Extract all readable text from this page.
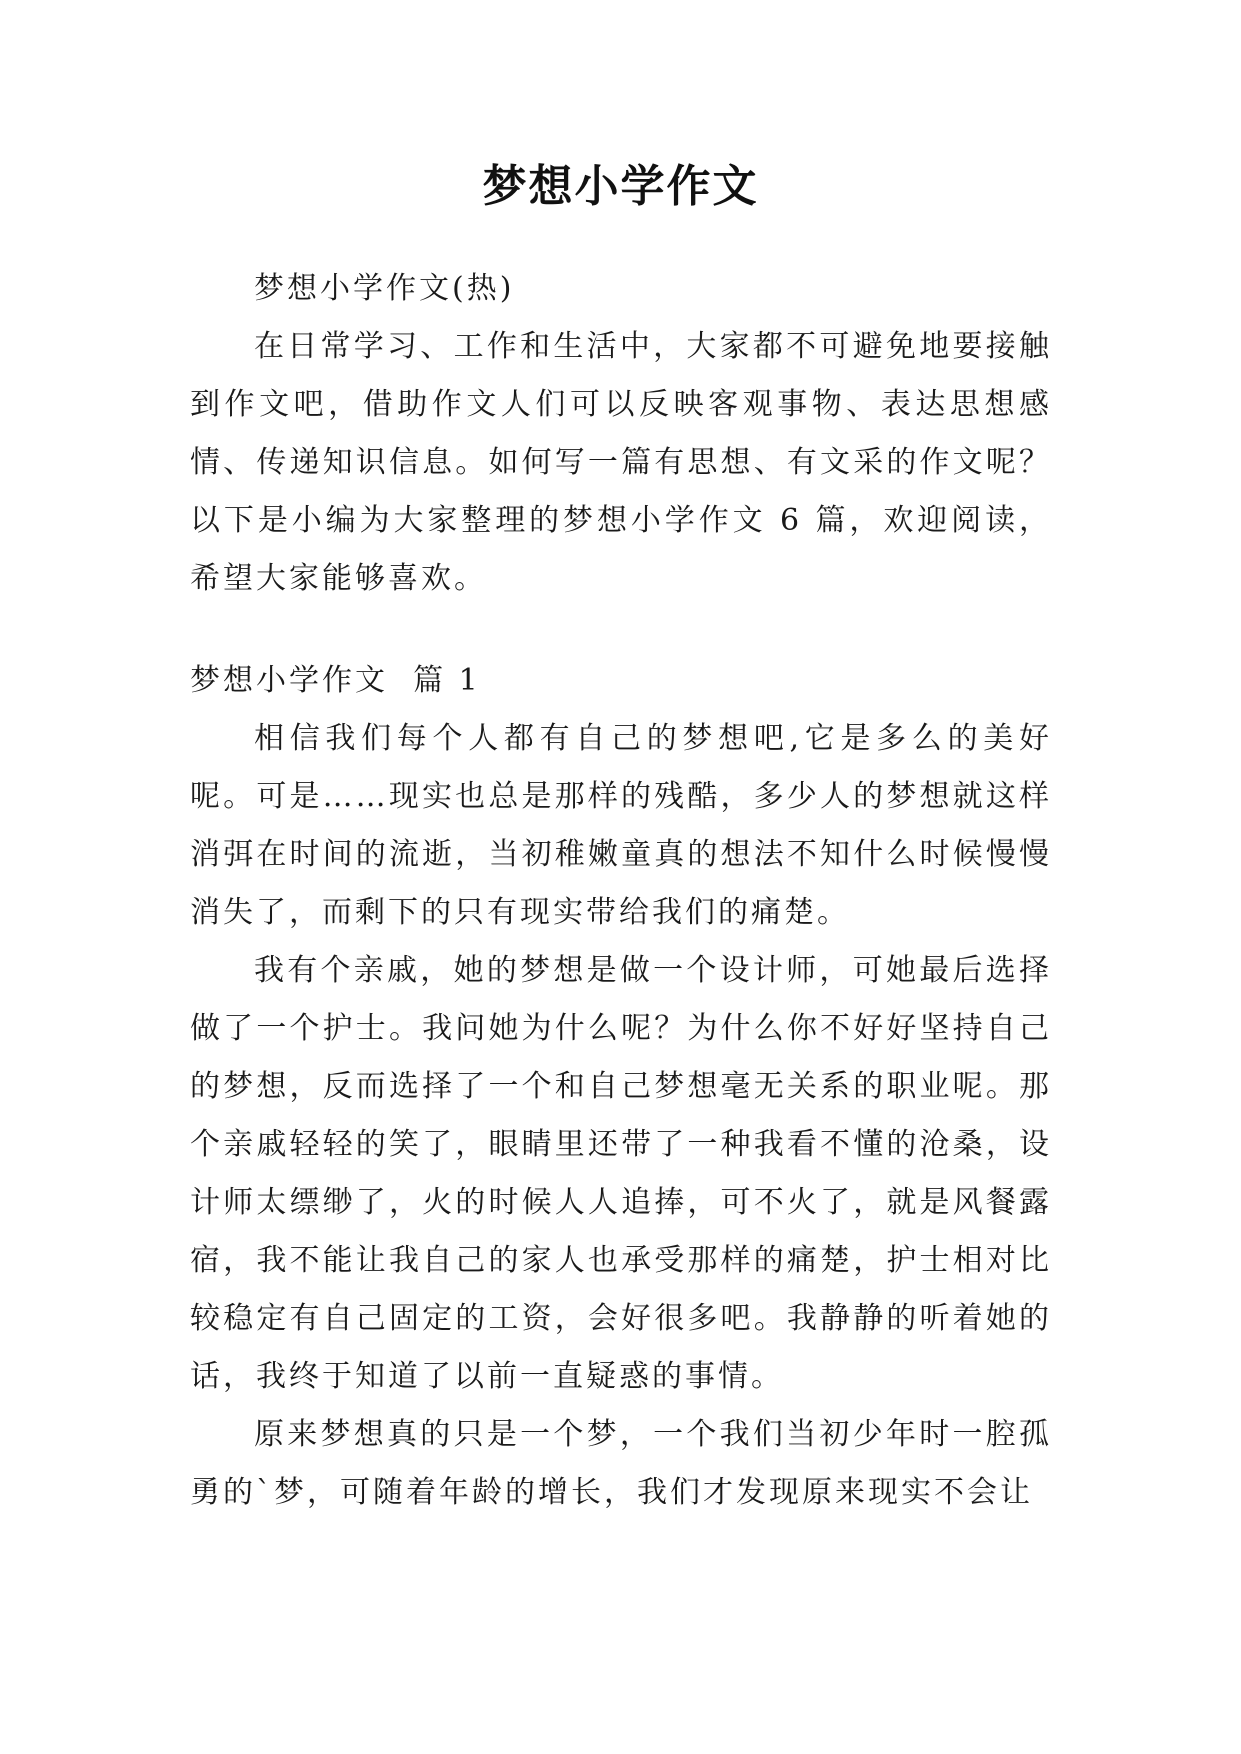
梦想小学作文

梦想小学作文(热)

在日常学习、工作和生活中，大家都不可避免地要接触到作文吧，借助作文人们可以反映客观事物、表达思想感情、传递知识信息。如何写一篇有思想、有文采的作文呢？以下是小编为大家整理的梦想小学作文 6 篇，欢迎阅读，希望大家能够喜欢。

梦想小学作文  篇 1

相信我们每个人都有自己的梦想吧,它是多么的美好呢。可是……现实也总是那样的残酷，多少人的梦想就这样消弭在时间的流逝，当初稚嫩童真的想法不知什么时候慢慢消失了，而剩下的只有现实带给我们的痛楚。

我有个亲戚，她的梦想是做一个设计师，可她最后选择做了一个护士。我问她为什么呢？为什么你不好好坚持自己的梦想，反而选择了一个和自己梦想毫无关系的职业呢。那个亲戚轻轻的笑了，眼睛里还带了一种我看不懂的沧桑，设计师太缥缈了，火的时候人人追捧，可不火了，就是风餐露宿，我不能让我自己的家人也承受那样的痛楚，护士相对比较稳定有自己固定的工资，会好很多吧。我静静的听着她的话，我终于知道了以前一直疑惑的事情。

原来梦想真的只是一个梦，一个我们当初少年时一腔孤勇的`梦，可随着年龄的增长，我们才发现原来现实不会让
